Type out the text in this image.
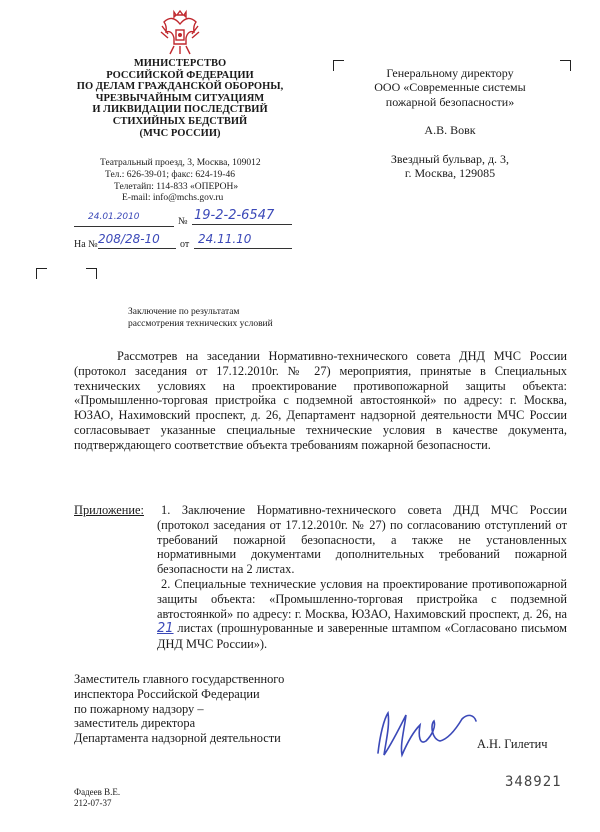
МИНИСТЕРСТВО
РОССИЙСКОЙ ФЕДЕРАЦИИ
ПО ДЕЛАМ ГРАЖДАНСКОЙ ОБОРОНЫ,
ЧРЕЗВЫЧАЙНЫМ СИТУАЦИЯМ
И ЛИКВИДАЦИИ ПОСЛЕДСТВИЙ
СТИХИЙНЫХ БЕДСТВИЙ
(МЧС РОССИИ)
Театральный проезд, 3, Москва, 109012
Тел.: 626-39-01; факс: 624-19-46
Телетайп: 114-833 «ОПЕРОН»
E-mail: info@mchs.gov.ru
24.01.2010	№ 19-2-2-6547
На № 208/28-10 от 24.11.10
Генеральному директору
ООО «Современные системы
пожарной безопасности»
А.В. Вовк
Звездный бульвар, д. 3,
г. Москва, 129085
Заключение по результатам
рассмотрения технических условий
Рассмотрев на заседании Нормативно-технического совета ДНД МЧС России (протокол заседания от 17.12.2010г. № 27) мероприятия, принятые в Специальных технических условиях на проектирование противопожарной защиты объекта: «Промышленно-торговая пристройка с подземной автостоянкой» по адресу: г. Москва, ЮЗАО, Нахимовский проспект, д. 26, Департамент надзорной деятельности МЧС России согласовывает указанные специальные технические условия в качестве документа, подтверждающего соответствие объекта требованиям пожарной безопасности.
Приложение:	1. Заключение Нормативно-технического совета ДНД МЧС России (протокол заседания от 17.12.2010г. № 27) по согласованию отступлений от требований пожарной безопасности, а также не установленных нормативными документами дополнительных требований пожарной безопасности на 2 листах.

2. Специальные технические условия на проектирование противопожарной защиты объекта: «Промышленно-торговая пристройка с подземной автостоянкой» по адресу: г. Москва, ЮЗАО, Нахимовский проспект, д. 26, на 21 листах (прошнурованные и заверенные штампом «Согласовано письмом ДНД МЧС России»).

Заместитель главного государственного
инспектора Российской Федерации
по пожарному надзору –
заместитель директора
Департамента надзорной деятельности	А.Н. Гилетич
348921
Фадеев В.Е.
212-07-37
